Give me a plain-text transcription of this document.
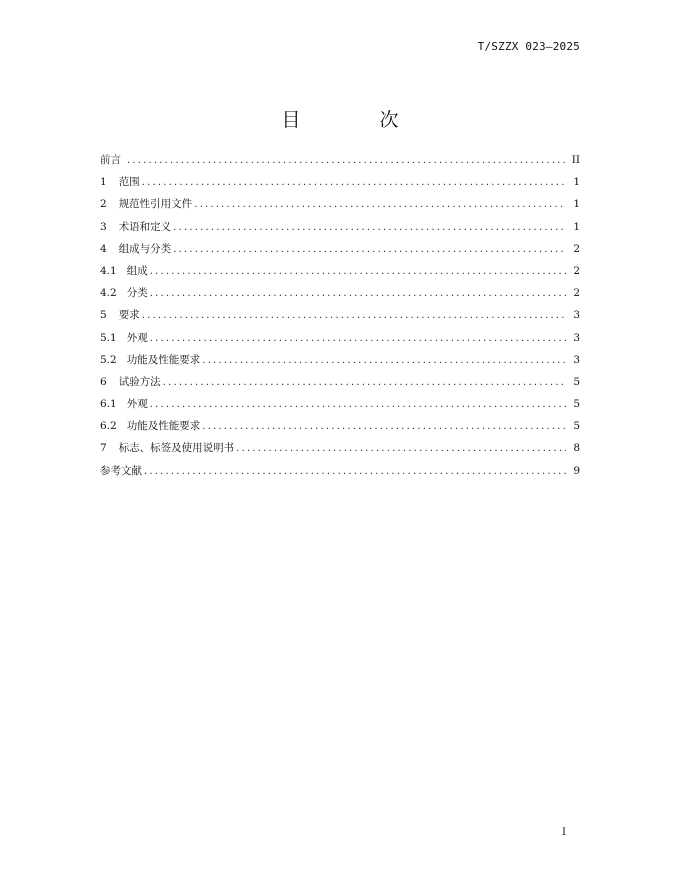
T/SZZX 023—2025
目　次
前言 .....	II
1 范围 .....	1
2 规范性引用文件 .....	1
3 术语和定义 .....	1
4 组成与分类 .....	2
4.1 组成 .....	2
4.2 分类 .....	2
5 要求 .....	3
5.1 外观 .....	3
5.2 功能及性能要求 .....	3
6 试验方法 .....	5
6.1 外观 .....	5
6.2 功能及性能要求 .....	5
7 标志、标签及使用说明书 .....	8
参考文献 .....	9
I
